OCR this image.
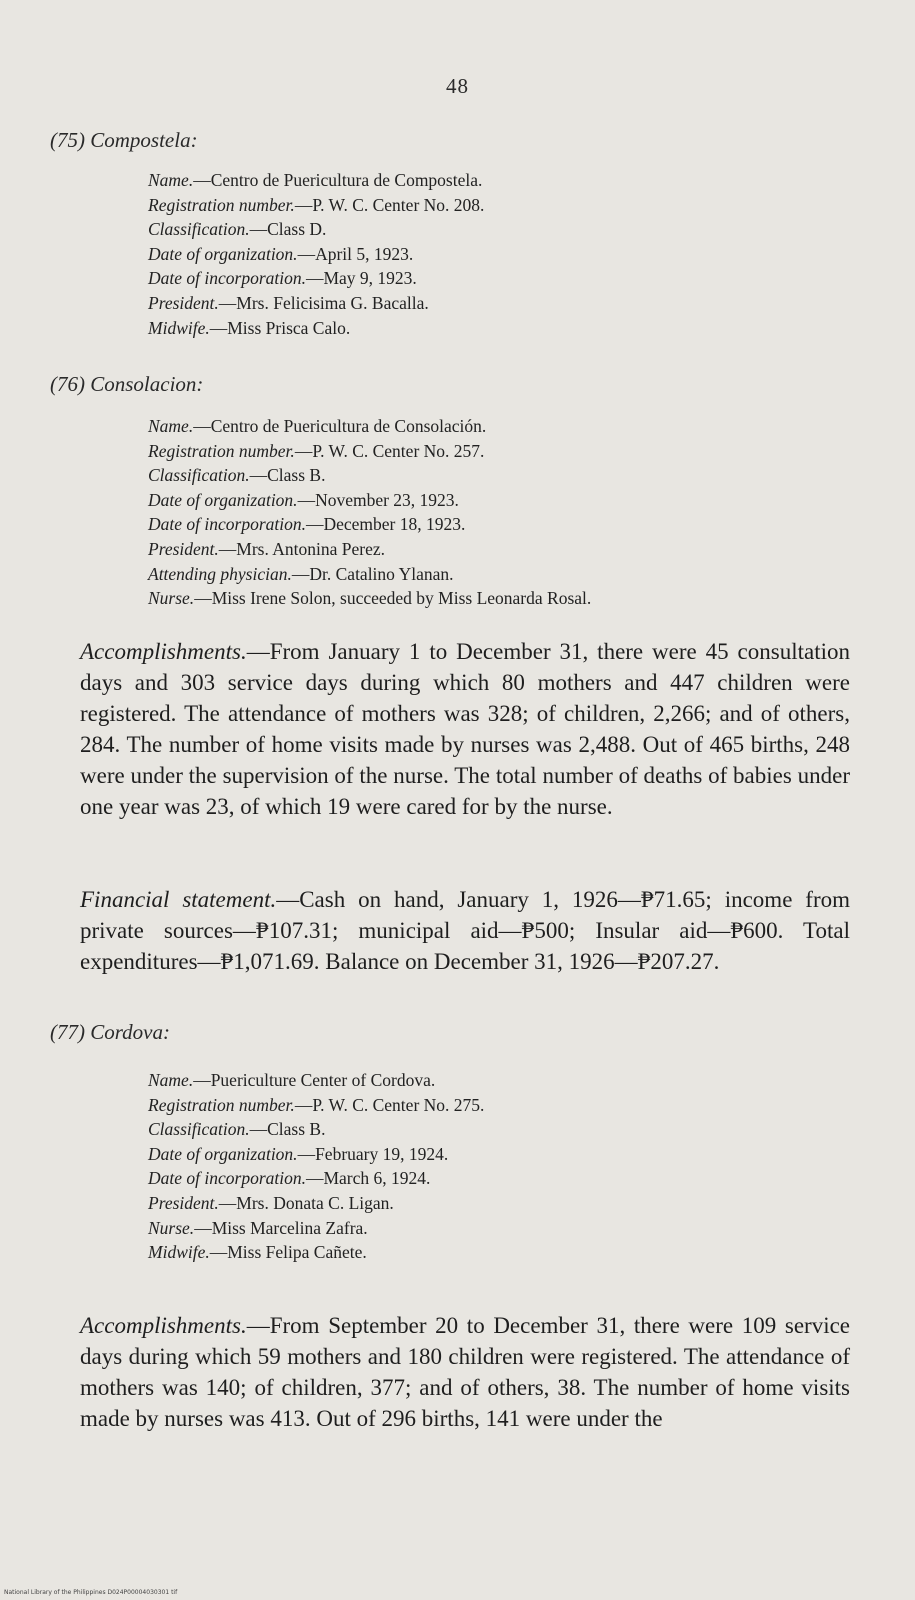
48
(75) Compostela:
Name.—Centro de Puericultura de Compostela.
Registration number.—P. W. C. Center No. 208.
Classification.—Class D.
Date of organization.—April 5, 1923.
Date of incorporation.—May 9, 1923.
President.—Mrs. Felicisima G. Bacalla.
Midwife.—Miss Prisca Calo.
(76) Consolacion:
Name.—Centro de Puericultura de Consolación.
Registration number.—P. W. C. Center No. 257.
Classification.—Class B.
Date of organization.—November 23, 1923.
Date of incorporation.—December 18, 1923.
President.—Mrs. Antonina Perez.
Attending physician.—Dr. Catalino Ylanan.
Nurse.—Miss Irene Solon, succeeded by Miss Leonarda Rosal.

Accomplishments.—From January 1 to December 31, there were 45 consultation days and 303 service days during which 80 mothers and 447 children were registered. The attendance of mothers was 328; of children, 2,266; and of others, 284. The number of home visits made by nurses was 2,488. Out of 465 births, 248 were under the supervision of the nurse. The total number of deaths of babies under one year was 23, of which 19 were cared for by the nurse.

Financial statement.—Cash on hand, January 1, 1926—₱71.65; income from private sources—₱107.31; municipal aid—₱500; Insular aid—₱600. Total expenditures—₱1,071.69. Balance on December 31, 1926—₱207.27.

(77) Cordova:
Name.—Puericulture Center of Cordova.
Registration number.—P. W. C. Center No. 275.
Classification.—Class B.
Date of organization.—February 19, 1924.
Date of incorporation.—March 6, 1924.
President.—Mrs. Donata C. Ligan.
Nurse.—Miss Marcelina Zafra.
Midwife.—Miss Felipa Cañete.

Accomplishments.—From September 20 to December 31, there were 109 service days during which 59 mothers and 180 children were registered. The attendance of mothers was 140; of children, 377; and of others, 38. The number of home visits made by nurses was 413. Out of 296 births, 141 were under the

National Library of the Philippines D024P00004030301 tif
